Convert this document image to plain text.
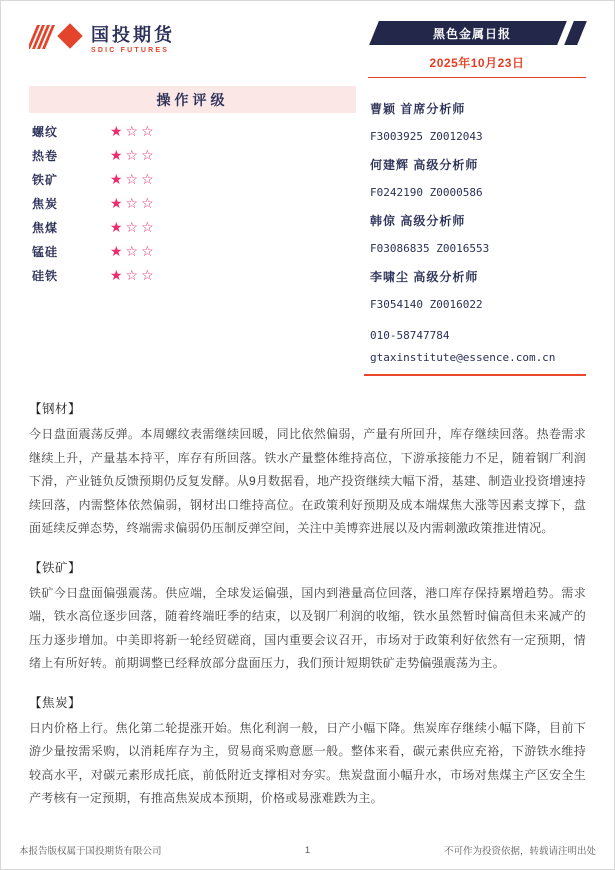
国投期货
SDIC FUTURES
黑色金属日报
2025年10月23日
操作评级
螺纹	★☆☆
热卷	★☆☆
铁矿	★☆☆
焦炭	★☆☆
焦煤	★☆☆
锰硅	★☆☆
硅铁	★☆☆
曹颖 首席分析师
F3003925 Z0012043
何建辉 高级分析师
F0242190 Z0000586
韩倞 高级分析师
F03086835 Z0016553
李啸尘 高级分析师
F3054140 Z0016022
010-58747784
gtaxinstitute@essence.com.cn
【钢材】
今日盘面震荡反弹。本周螺纹表需继续回暖，同比依然偏弱，产量有所回升，库存继续回落。热卷需求继续上升，产量基本持平，库存有所回落。铁水产量整体维持高位，下游承接能力不足，随着钢厂利润下滑，产业链负反馈预期仍反复发酵。从9月数据看，地产投资继续大幅下滑，基建、制造业投资增速持续回落，内需整体依然偏弱，钢材出口维持高位。在政策利好预期及成本端煤焦大涨等因素支撑下，盘面延续反弹态势，终端需求偏弱仍压制反弹空间，关注中美博弈进展以及内需刺激政策推进情况。
【铁矿】
铁矿今日盘面偏强震荡。供应端，全球发运偏强，国内到港量高位回落，港口库存保持累增趋势。需求端，铁水高位逐步回落，随着终端旺季的结束，以及钢厂利润的收缩，铁水虽然暂时偏高但未来减产的压力逐步增加。中美即将新一轮经贸磋商，国内重要会议召开，市场对于政策利好依然有一定预期，情绪上有所好转。前期调整已经释放部分盘面压力，我们预计短期铁矿走势偏强震荡为主。
【焦炭】
日内价格上行。焦化第二轮提涨开始。焦化利润一般，日产小幅下降。焦炭库存继续小幅下降，目前下游少量按需采购，以消耗库存为主，贸易商采购意愿一般。整体来看，碳元素供应充裕，下游铁水维持较高水平，对碳元素形成托底，前低附近支撑相对夯实。焦炭盘面小幅升水，市场对焦煤主产区安全生产考核有一定预期，有推高焦炭成本预期，价格或易涨难跌为主。
本报告版权属于国投期货有限公司	1	不可作为投资依据，转载请注明出处
